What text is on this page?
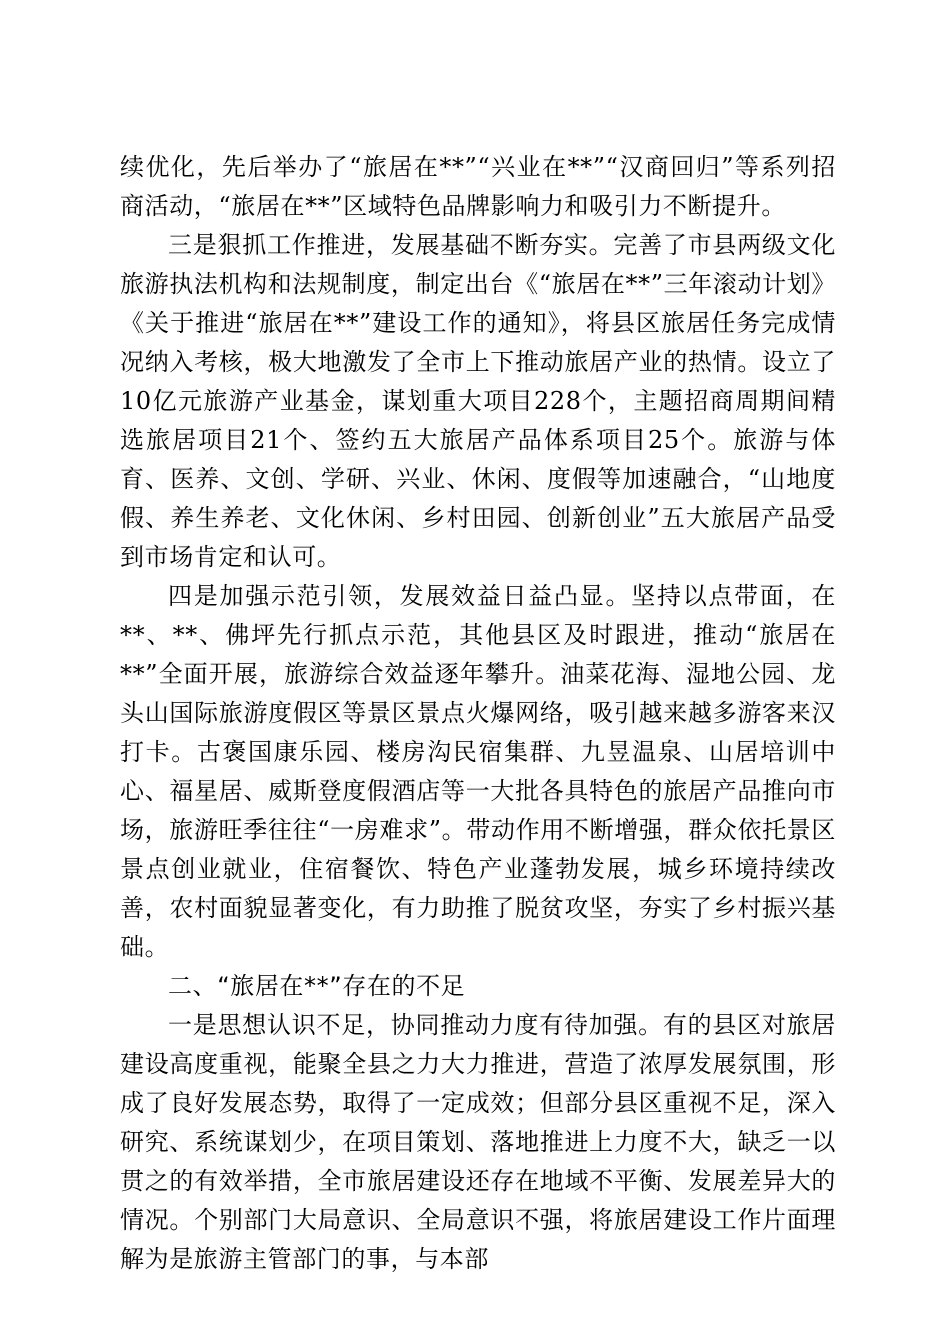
续优化，先后举办了“旅居在**”“兴业在**”“汉商回归”等系列招商活动，“旅居在**”区域特色品牌影响力和吸引力不断提升。

三是狠抓工作推进，发展基础不断夯实。完善了市县两级文化旅游执法机构和法规制度，制定出台《“旅居在**”三年滚动计划》《关于推进“旅居在**”建设工作的通知》，将县区旅居任务完成情况纳入考核，极大地激发了全市上下推动旅居产业的热情。设立了10亿元旅游产业基金，谋划重大项目228个，主题招商周期间精选旅居项目21个、签约五大旅居产品体系项目25个。旅游与体育、医养、文创、学研、兴业、休闲、度假等加速融合，“山地度假、养生养老、文化休闲、乡村田园、创新创业”五大旅居产品受到市场肯定和认可。

四是加强示范引领，发展效益日益凸显。坚持以点带面，在**、**、佛坪先行抓点示范，其他县区及时跟进，推动“旅居在**”全面开展，旅游综合效益逐年攀升。油菜花海、湿地公园、龙头山国际旅游度假区等景区景点火爆网络，吸引越来越多游客来汉打卡。古褒国康乐园、楼房沟民宿集群、九昱温泉、山居培训中心、福星居、威斯登度假酒店等一大批各具特色的旅居产品推向市场，旅游旺季往往“一房难求”。带动作用不断增强，群众依托景区景点创业就业，住宿餐饮、特色产业蓬勃发展，城乡环境持续改善，农村面貌显著变化，有力助推了脱贫攻坚，夯实了乡村振兴基础。

二、“旅居在**”存在的不足

一是思想认识不足，协同推动力度有待加强。有的县区对旅居建设高度重视，能聚全县之力大力推进，营造了浓厚发展氛围，形成了良好发展态势，取得了一定成效；但部分县区重视不足，深入研究、系统谋划少，在项目策划、落地推进上力度不大，缺乏一以贯之的有效举措，全市旅居建设还存在地域不平衡、发展差异大的情况。个别部门大局意识、全局意识不强，将旅居建设工作片面理解为是旅游主管部门的事，与本部
